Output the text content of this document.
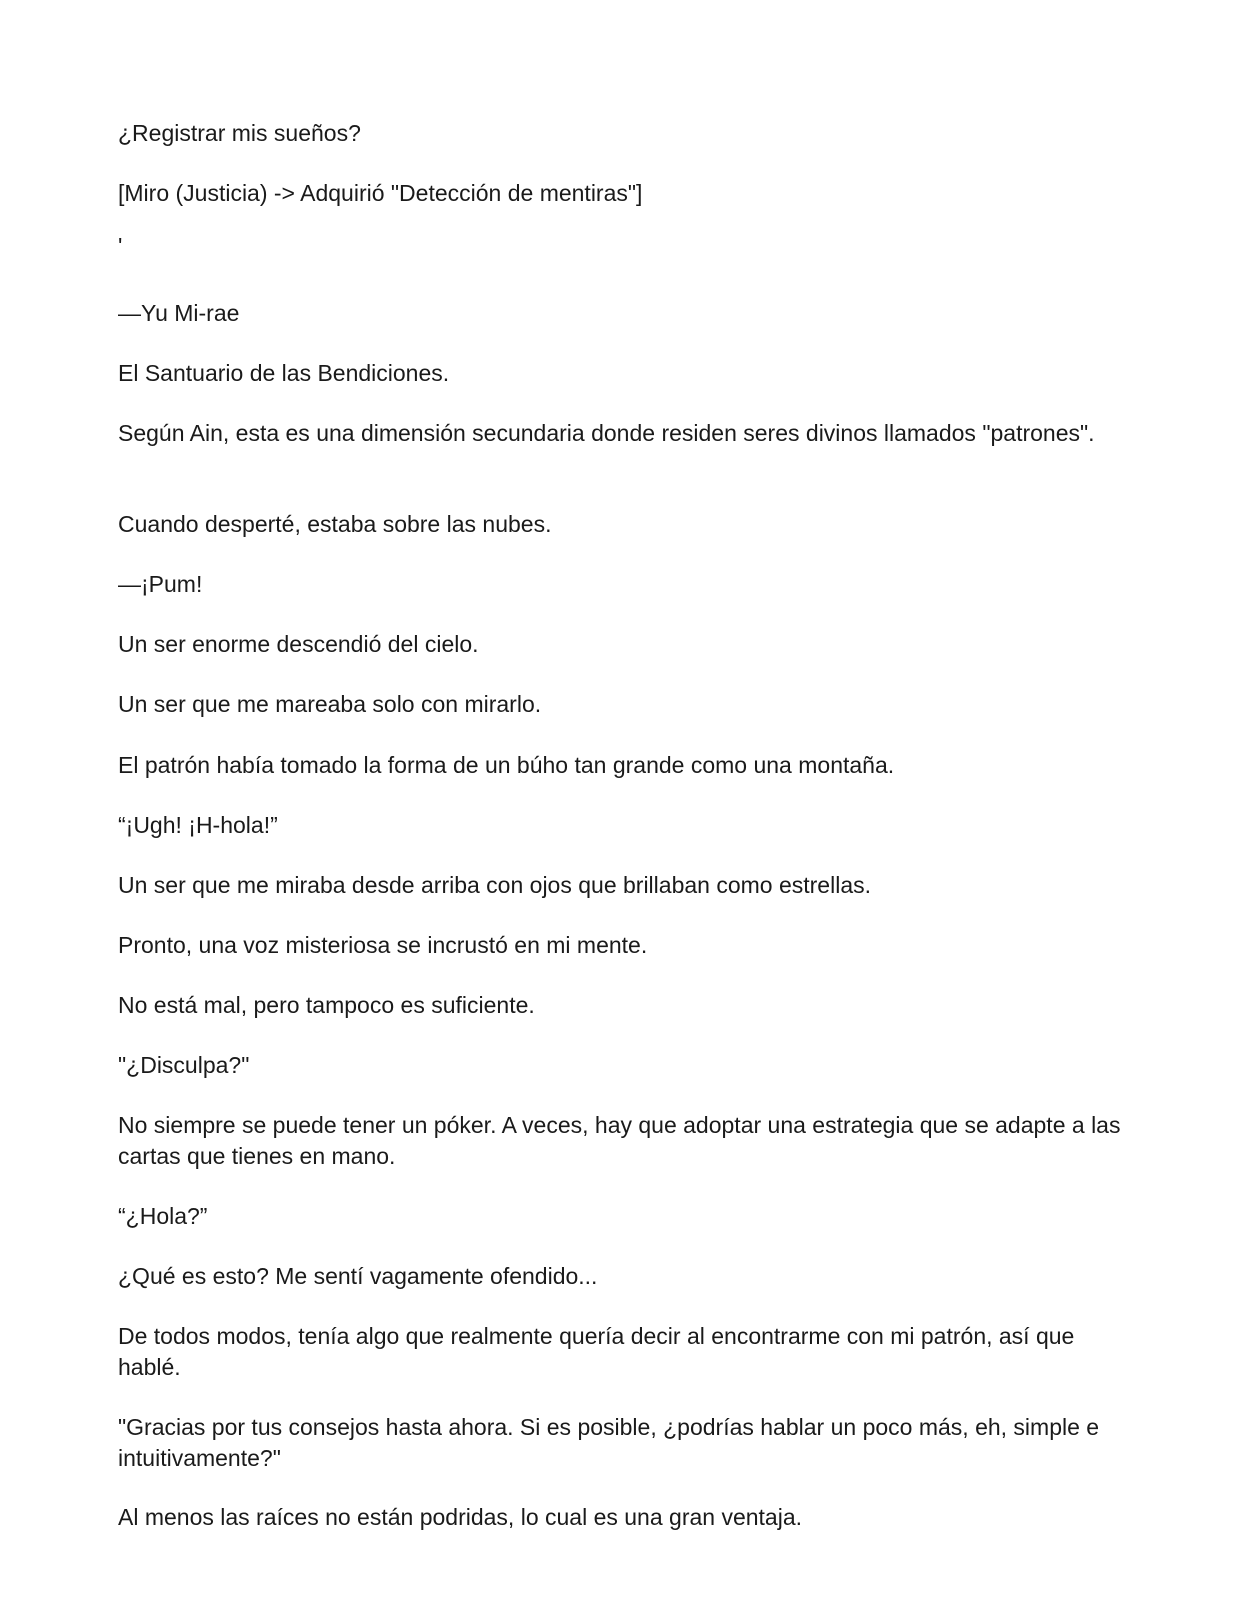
¿Registrar mis sueños?

[Miro (Justicia) -> Adquirió "Detección de mentiras"]

'

—Yu Mi-rae

El Santuario de las Bendiciones.

Según Ain, esta es una dimensión secundaria donde residen seres divinos llamados "patrones".

Cuando desperté, estaba sobre las nubes.

—¡Pum!

Un ser enorme descendió del cielo.

Un ser que me mareaba solo con mirarlo.

El patrón había tomado la forma de un búho tan grande como una montaña.

“¡Ugh! ¡H-hola!”

Un ser que me miraba desde arriba con ojos que brillaban como estrellas.

Pronto, una voz misteriosa se incrustó en mi mente.

No está mal, pero tampoco es suficiente.

"¿Disculpa?"

No siempre se puede tener un póker. A veces, hay que adoptar una estrategia que se adapte a las cartas que tienes en mano.

“¿Hola?”

¿Qué es esto? Me sentí vagamente ofendido...

De todos modos, tenía algo que realmente quería decir al encontrarme con mi patrón, así que hablé.

"Gracias por tus consejos hasta ahora. Si es posible, ¿podrías hablar un poco más, eh, simple e intuitivamente?"

Al menos las raíces no están podridas, lo cual es una gran ventaja.
